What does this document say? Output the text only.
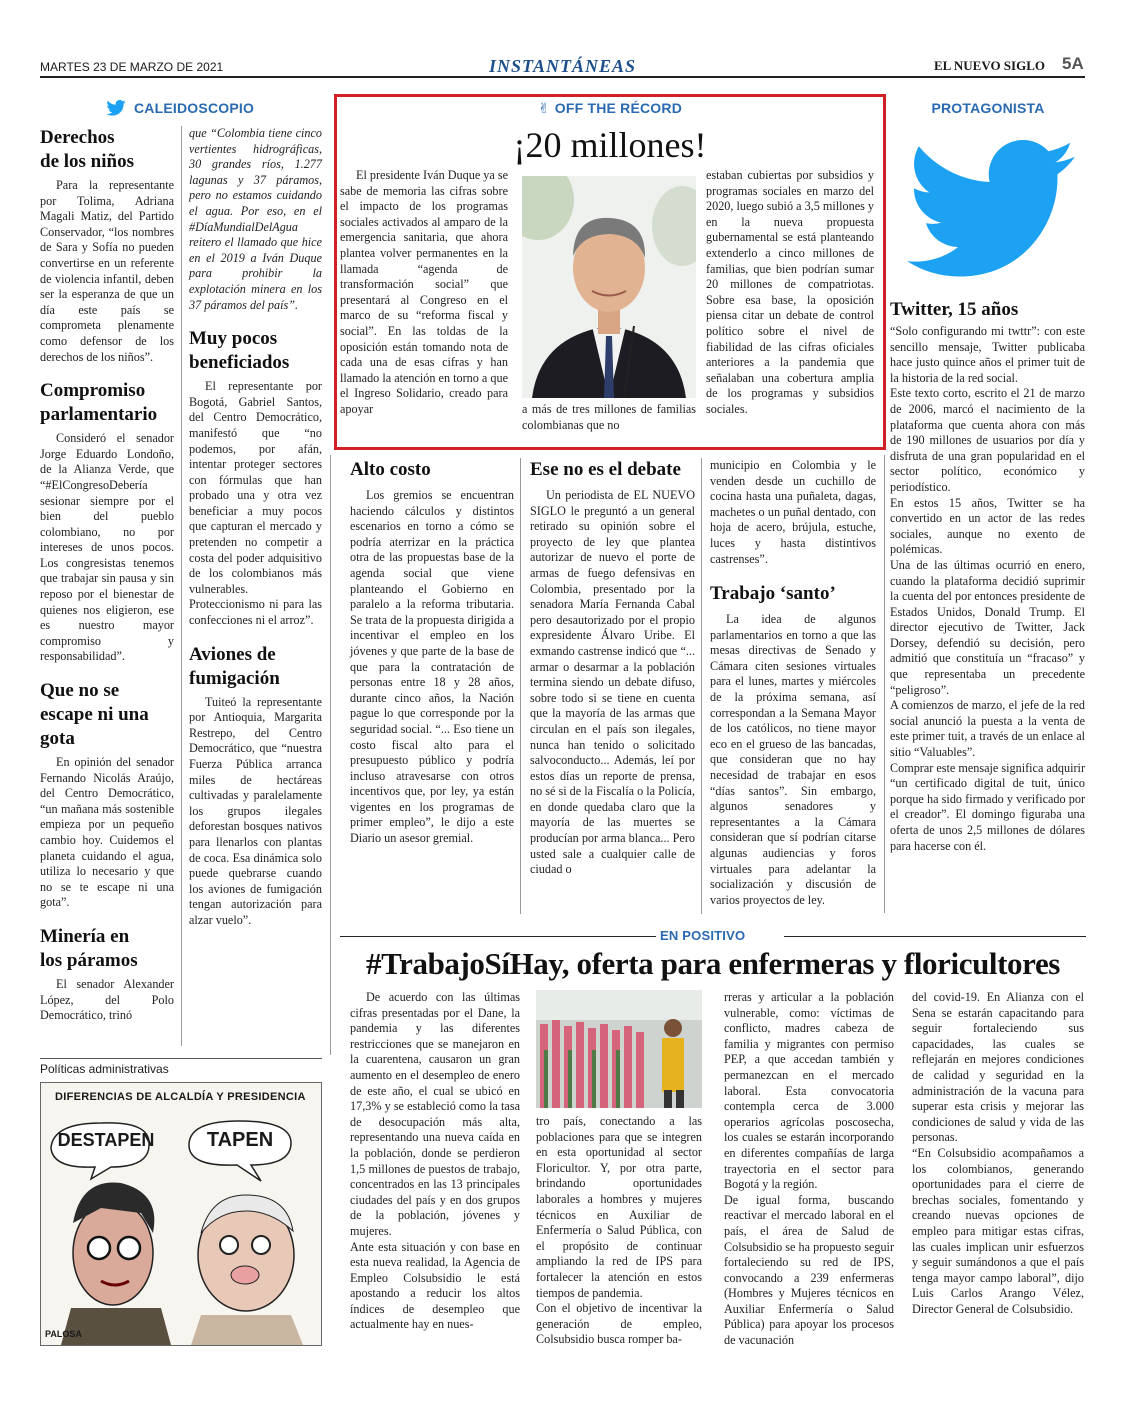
MARTES 23 DE MARZO DE 2021	INSTANTÁNEAS	EL NUEVO SIGLO 5A
CALEIDOSCOPIO
Derechos
de los niños
Para la representante por Tolima, Adriana Magali Matiz, del Partido Conservador, “los nombres de Sara y Sofía no pueden convertirse en un referente de violencia infantil, deben ser la esperanza de que un día este país se comprometa plenamente como defensor de los derechos de los niños”.
Compromiso
parlamentario
Consideró el senador Jorge Eduardo Londoño, de la Alianza Verde, que “#ElCongresoDebería sesionar siempre por el bien del pueblo colombiano, no por intereses de unos pocos. Los congresistas tenemos que trabajar sin pausa y sin reposo por el bienestar de quienes nos eligieron, ese es nuestro mayor compromiso y responsabilidad”.
Que no se
escape ni una
gota
En opinión del senador Fernando Nicolás Araújo, del Centro Democrático, “un mañana más sostenible empieza por un pequeño cambio hoy. Cuidemos el planeta cuidando el agua, utiliza lo necesario y que no se te escape ni una gota”.
Minería en
los páramos
El senador Alexander López, del Polo Democrático, trinó
que “Colombia tiene cinco vertientes hidrográficas, 30 grandes ríos, 1.277 lagunas y 37 páramos, pero no estamos cuidando el agua. Por eso, en el #DíaMundialDelAgua reitero el llamado que hice en el 2019 a Iván Duque para prohibir la explotación minera en los 37 páramos del país”.
Muy pocos
beneficiados
El representante por Bogotá, Gabriel Santos, del Centro Democrático, manifestó que “no podemos, por afán, intentar proteger sectores con fórmulas que han probado una y otra vez beneficiar a muy pocos que capturan el mercado y pretenden no competir a costa del poder adquisitivo de los colombianos más vulnerables. Proteccionismo ni para las confecciones ni el arroz”.
Aviones de
fumigación
Tuiteó la representante por Antioquia, Margarita Restrepo, del Centro Democrático, que “nuestra Fuerza Pública arranca miles de hectáreas cultivadas y paralelamente los grupos ilegales deforestan bosques nativos para llenarlos con plantas de coca. Esa dinámica solo puede quebrarse cuando los aviones de fumigación tengan autorización para alzar vuelo”.
Políticas administrativas
DIFERENCIAS DE ALCALDÍA Y PRESIDENCIA
DESTAPEN	TAPEN
PALOSA
✌ OFF THE RÉCORD
¡20 millones!
El presidente Iván Duque ya se sabe de memoria las cifras sobre el impacto de los programas sociales activados al amparo de la emergencia sanitaria, que ahora plantea volver permanentes en la llamada “agenda de transformación social” que presentará al Congreso en el marco de su “reforma fiscal y social”. En las toldas de la oposición están tomando nota de cada una de esas cifras y han llamado la atención en torno a que el Ingreso Solidario, creado para apoyar	a más de tres millones de familias colombianas que no
estaban cubiertas por subsidios y programas sociales en marzo del 2020, luego subió a 3,5 millones y en la nueva propuesta gubernamental se está planteando extenderlo a cinco millones de familias, que bien podrían sumar 20 millones de compatriotas. Sobre esa base, la oposición piensa citar un debate de control político sobre el nivel de fiabilidad de las cifras oficiales anteriores a la pandemia que señalaban una cobertura amplia de los programas y subsidios sociales.
PROTAGONISTA
Twitter, 15 años
“Solo configurando mi twttr”: con este sencillo mensaje, Twitter publicaba hace justo quince años el primer tuit de la historia de la red social.
Este texto corto, escrito el 21 de marzo de 2006, marcó el nacimiento de la plataforma que cuenta ahora con más de 190 millones de usuarios por día y disfruta de una gran popularidad en el sector político, económico y periodístico.
En estos 15 años, Twitter se ha convertido en un actor de las redes sociales, aunque no exento de polémicas.
Una de las últimas ocurrió en enero, cuando la plataforma decidió suprimir la cuenta del por entonces presidente de Estados Unidos, Donald Trump. El director ejecutivo de Twitter, Jack Dorsey, defendió su decisión, pero admitió que constituía un “fracaso” y que representaba un precedente “peligroso”.
A comienzos de marzo, el jefe de la red social anunció la puesta a la venta de este primer tuit, a través de un enlace al sitio “Valuables”.
Comprar este mensaje significa adquirir “un certificado digital de tuit, único porque ha sido firmado y verificado por el creador”. El domingo figuraba una oferta de unos 2,5 millones de dólares para hacerse con él.
Alto costo
Los gremios se encuentran haciendo cálculos y distintos escenarios en torno a cómo se podría aterrizar en la práctica otra de las propuestas base de la agenda social que viene planteando el Gobierno en paralelo a la reforma tributaria. Se trata de la propuesta dirigida a incentivar el empleo en los jóvenes y que parte de la base de que para la contratación de personas entre 18 y 28 años, durante cinco años, la Nación pague lo que corresponde por la seguridad social. “... Eso tiene un costo fiscal alto para el presupuesto público y podría incluso atravesarse con otros incentivos que, por ley, ya están vigentes en los programas de primer empleo”, le dijo a este Diario un asesor gremial.
Ese no es el debate
Un periodista de EL NUEVO SIGLO le preguntó a un general retirado su opinión sobre el proyecto de ley que plantea autorizar de nuevo el porte de armas de fuego defensivas en Colombia, presentado por la senadora María Fernanda Cabal pero desautorizado por el propio expresidente Álvaro Uribe. El exmando castrense indicó que “... armar o desarmar a la población termina siendo un debate difuso, sobre todo si se tiene en cuenta que la mayoría de las armas que circulan en el país son ilegales, nunca han tenido o solicitado salvoconducto... Además, leí por estos días un reporte de prensa, no sé si de la Fiscalía o la Policía, en donde quedaba claro que la mayoría de las muertes se producían por arma blanca... Pero usted sale a cualquier calle de ciudad o
municipio en Colombia y le venden desde un cuchillo de cocina hasta una puñaleta, dagas, machetes o un puñal dentado, con hoja de acero, brújula, estuche, luces y hasta distintivos castrenses”.
Trabajo ‘santo’
La idea de algunos parlamentarios en torno a que las mesas directivas de Senado y Cámara citen sesiones virtuales para el lunes, martes y miércoles de la próxima semana, así correspondan a la Semana Mayor de los católicos, no tiene mayor eco en el grueso de las bancadas, que consideran que no hay necesidad de trabajar en esos “días santos”. Sin embargo, algunos senadores y representantes a la Cámara consideran que sí podrían citarse algunas audiencias y foros virtuales para adelantar la socialización y discusión de varios proyectos de ley.
EN POSITIVO
#TrabajoSíHay, oferta para enfermeras y floricultores
De acuerdo con las últimas cifras presentadas por el Dane, la pandemia y las diferentes restricciones que se manejaron en la cuarentena, causaron un gran aumento en el desempleo de enero de este año, el cual se ubicó en 17,3% y se estableció como la tasa de desocupación más alta, representando una nueva caída en la población, donde se perdieron 1,5 millones de puestos de trabajo, concentrados en las 13 principales ciudades del país y en dos grupos de la población, jóvenes y mujeres.
Ante esta situación y con base en esta nueva realidad, la Agencia de Empleo Colsubsidio le está apostando a reducir los altos índices de desempleo que actualmente hay en nues-
tro país, conectando a las poblaciones para que se integren en esta oportunidad al sector Floricultor. Y, por otra parte, brindando oportunidades laborales a hombres y mujeres técnicos en Auxiliar de Enfermería o Salud Pública, con el propósito de continuar ampliando la red de IPS para fortalecer la atención en estos tiempos de pandemia.
Con el objetivo de incentivar la generación de empleo, Colsubsidio busca romper ba-
rreras y articular a la población vulnerable, como: víctimas de conflicto, madres cabeza de familia y migrantes con permiso PEP, a que accedan también y permanezcan en el mercado laboral. Esta convocatoria contempla cerca de 3.000 operarios agrícolas poscosecha, los cuales se estarán incorporando en diferentes compañías de larga trayectoria en el sector para Bogotá y la región.
De igual forma, buscando reactivar el mercado laboral en el país, el área de Salud de Colsubsidio se ha propuesto seguir fortaleciendo su red de IPS, convocando a 239 enfermeras (Hombres y Mujeres técnicos en Auxiliar Enfermería o Salud Pública) para apoyar los procesos de vacunación
del covid-19. En Alianza con el Sena se estarán capacitando para seguir fortaleciendo sus capacidades, las cuales se reflejarán en mejores condiciones de calidad y seguridad en la administración de la vacuna para superar esta crisis y mejorar las condiciones de salud y vida de las personas.
“En Colsubsidio acompañamos a los colombianos, generando oportunidades para el cierre de brechas sociales, fomentando y creando nuevas opciones de empleo para mitigar estas cifras, las cuales implican unir esfuerzos y seguir sumándonos a que el país tenga mayor campo laboral”, dijo Luis Carlos Arango Vélez, Director General de Colsubsidio.
